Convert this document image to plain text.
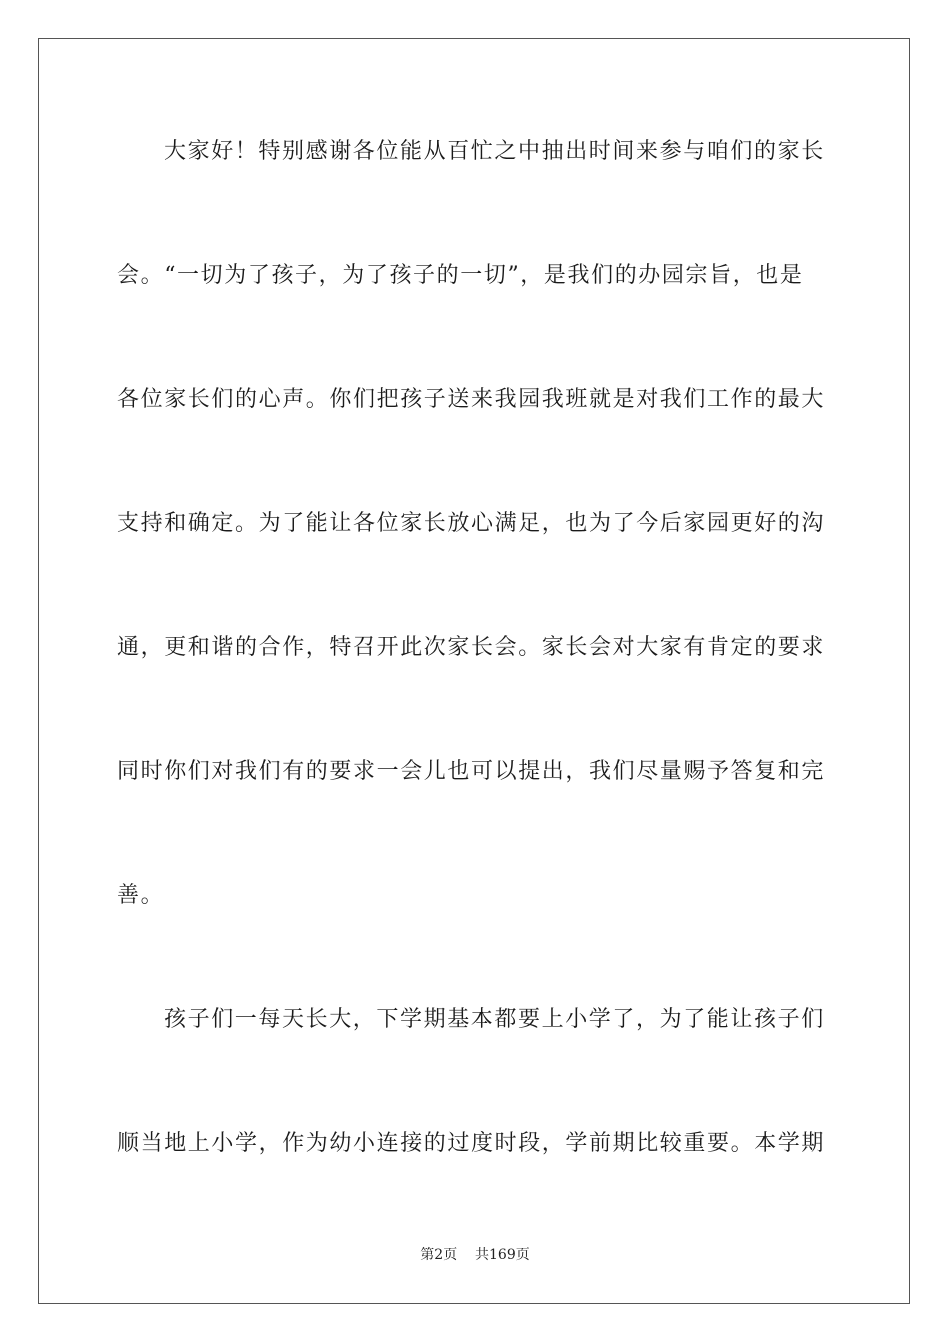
大家好！特别感谢各位能从百忙之中抽出时间来参与咱们的家长
会。“一切为了孩子，为了孩子的一切”，是我们的办园宗旨，也是
各位家长们的心声。你们把孩子送来我园我班就是对我们工作的最大
支持和确定。为了能让各位家长放心满足，也为了今后家园更好的沟
通，更和谐的合作，特召开此次家长会。家长会对大家有肯定的要求
同时你们对我们有的要求一会儿也可以提出，我们尽量赐予答复和完
善。
孩子们一每天长大，下学期基本都要上小学了，为了能让孩子们
顺当地上小学，作为幼小连接的过度时段，学前期比较重要。本学期
第2页 共169页
